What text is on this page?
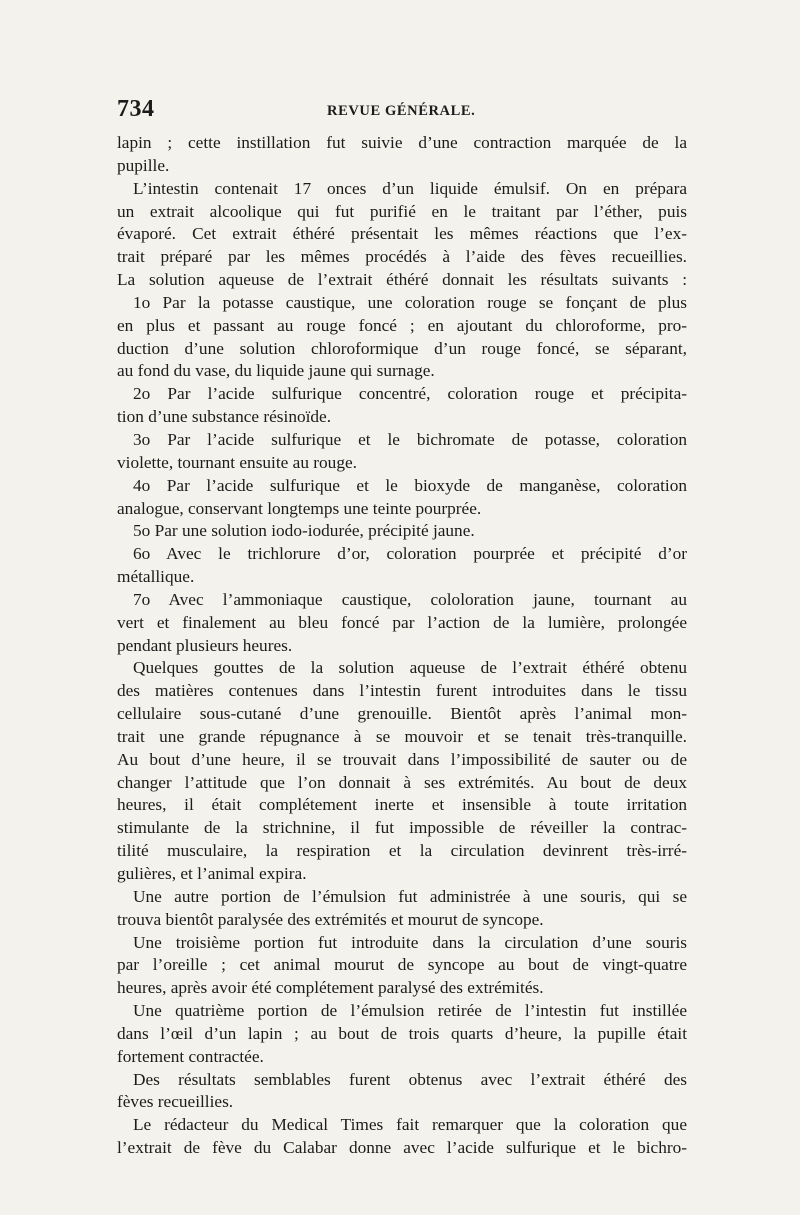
734	REVUE GÉNÉRALE.
lapin ; cette instillation fut suivie d’une contraction marquée de la
pupille.
L’intestin contenait 17 onces d’un liquide émulsif. On en prépara
un extrait alcoolique qui fut purifié en le traitant par l’éther, puis
évaporé. Cet extrait éthéré présentait les mêmes réactions que l’ex-
trait préparé par les mêmes procédés à l’aide des fèves recueillies.
La solution aqueuse de l’extrait éthéré donnait les résultats suivants :
1o Par la potasse caustique, une coloration rouge se fonçant de plus
en plus et passant au rouge foncé ; en ajoutant du chloroforme, pro-
duction d’une solution chloroformique d’un rouge foncé, se séparant,
au fond du vase, du liquide jaune qui surnage.
2o Par l’acide sulfurique concentré, coloration rouge et précipita-
tion d’une substance résinoïde.
3o Par l’acide sulfurique et le bichromate de potasse, coloration
violette, tournant ensuite au rouge.
4o Par l’acide sulfurique et le bioxyde de manganèse, coloration
analogue, conservant longtemps une teinte pourprée.
5o Par une solution iodo-iodurée, précipité jaune.
6o Avec le trichlorure d’or, coloration pourprée et précipité d’or
métallique.
7o Avec l’ammoniaque caustique, cololoration jaune, tournant au
vert et finalement au bleu foncé par l’action de la lumière, prolongée
pendant plusieurs heures.
Quelques gouttes de la solution aqueuse de l’extrait éthéré obtenu
des matières contenues dans l’intestin furent introduites dans le tissu
cellulaire sous-cutané d’une grenouille. Bientôt après l’animal mon-
trait une grande répugnance à se mouvoir et se tenait très-tranquille.
Au bout d’une heure, il se trouvait dans l’impossibilité de sauter ou de
changer l’attitude que l’on donnait à ses extrémités. Au bout de deux
heures, il était complétement inerte et insensible à toute irritation
stimulante de la strichnine, il fut impossible de réveiller la contrac-
tilité musculaire, la respiration et la circulation devinrent très-irré-
gulières, et l’animal expira.
Une autre portion de l’émulsion fut administrée à une souris, qui se
trouva bientôt paralysée des extrémités et mourut de syncope.
Une troisième portion fut introduite dans la circulation d’une souris
par l’oreille ; cet animal mourut de syncope au bout de vingt-quatre
heures, après avoir été complétement paralysé des extrémités.
Une quatrième portion de l’émulsion retirée de l’intestin fut instillée
dans l’œil d’un lapin ; au bout de trois quarts d’heure, la pupille était
fortement contractée.
Des résultats semblables furent obtenus avec l’extrait éthéré des
fèves recueillies.
Le rédacteur du Medical Times fait remarquer que la coloration que
l’extrait de fève du Calabar donne avec l’acide sulfurique et le bichro-
